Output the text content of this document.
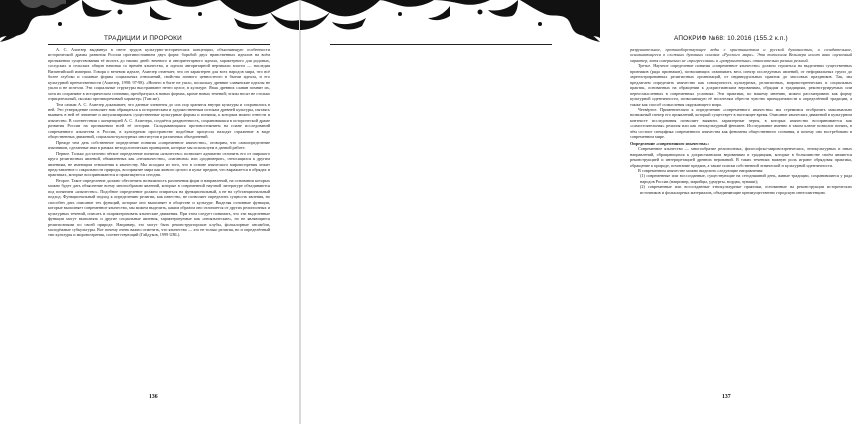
ТРАДИЦИИ И ПРОРОКИ

А. С. Ахиезер выдвинул в свете трудов культурно-исторических концепции, объясняющую особенности исторической драмы развития России противостоянием двух форм: борьбой двух нравственных идеалов на всём протяжении существования её вплоть до наших дней: вечевого и авторитетарного идеала, характерного для родовых, соседских и сельских общин начиная со времён язычества, и идеала авторитарной вертикали власти — наследия Византийской империи. Говоря о вечевом идеале, Ахиезер отмечает, что он характерен для всех народов мира, что всё более глубоко и сложные формы социальных отношений, свойства личного ценностного в бытии идеала, и его культурной преемственности (Ахиезер, 1998: 97-98). «Ничего в быте не ушло, поскольку древние славянские идеалы не ушли и не исчезли. Эти социальные структуры выстраивают нечто целое, в культуре. Язык древних славян помнит их, хотя их сохраняют в историческом сознании, преобразуясь в новых формах, кроме новых течений; этапы носят не столько отрицательный, сколько противоречивый характер» (Там же).

Тем самым А. С. Ахиезер доказывает, что данные элементы до сих пор хранятся внутри культуры и сохранились в ней. Это утверждение позволяет нам обращаться к историческим и художественным истокам древней культуры, пытаясь выявить в ней её значение и актуализировать существенные культурные формы и понятия, к которым можно отнести и язычество. В соответствии с концепцией А. С. Ахиезера, создаётся раздвоенность, сохранившаяся в исторической драме развития России на протяжении всей её истории. Складывающаяся противостоянием на плане исследований современного язычества в России, в культурном пространстве подобные процессы находят отражение в виде общественных движений, социально-культурных институтов и различных объединений.

Прежде чем дать собственное определение понятия «современное язычество», оговорим, что самоопределение язычников, сделанные ими в рамках методологических принципов, которые мы используем в данной работе.

Первое. Только достаточно чёткое определение понятия «язычество» позволяет адекватно отличить его от широкого круга религиозных явлений, объявленных как «неоязычество», «паганизм» или «родноверие», относящихся к другим явлениям, не имеющим отношения к язычеству. Мы исходим из того, что в основе языческого мировоззрения лежит представление о сакральности природы, восприятие мира как живого целого и культ предков, что выражается в обрядах и практиках, которые воспринимаются и практикуются сегодня.

Второе. Такое определение должно обеспечить возможность различения форм и направлений, на основании которых можно будет дать объяснение всему многообразию явлений, которые в современной научной литературе объединяются под понятием «язычество». Подобное определение должно опираться на функциональный, а не на субстанциональный подход. Функциональный подход к определению религии, как известно, не позволяет определить сущность явления, но способен дать описание тех функций, которые оно выполняет в обществе и культуре. Выделяя основные функции, которые выполняет современное язычество, мы можем выделить, каким образом оно отличается от других религиозных и культурных течений, описать и охарактеризовать языческие движения. При этом следует понимать, что эти выделенные функции могут выполнять и другие социальные явления, характеризуемые как «неоязыческие», но не являющиеся религиозными по своей природе. Например, это могут быть реконструкторские клубы, фольклорные ансамбли, молодёжные субкультуры. Вот почему очень важно отметить, что язычество — это не только религия, но и определённый тип культуры и мировоззрения, соответствующий (Гайдуков, 1999 URL).

136
АПОКРИФ №68: 10.2016 (155.2 к.п.)

разрушительное, противоборствующее веды с христианством и русской духовностью, и созидательное, основывающееся в сложных духовных основах «Русского мира». Эта типология Вельмера носит явно оценочный характер, хотя совершенно не «прогрессивна» и «разрушительна» относительно разных религий.

Третье. Научное определение понятия «современное язычество» должно строиться на выделении существенных признаков (ряда признаков), позволяющих охватывать весь спектр исследуемых явлений, от неформальных групп до зарегистрированных религиозных организаций, от индивидуальных практик до массовых праздников. Так, мы предлагаем определить язычество как совокупность культурных, религиозных, мировоззренческих и социальных практик, основанных на обращении к дохристианским верованиям, обрядам и традициям, реконструируемых или переосмысленных в современных условиях. Эти практики, по нашему мнению, можно рассматривать как форму культурной идентичности, позволяющую её носителям обрести чувство принадлежности к определённой традиции, а также как способ осмысления окружающего мира.

Четвёртое. Применительно к определению «современного язычества» мы стремимся отобразить максимально возможный спектр его проявлений, который существует в настоящее время. Описание языческих движений в культурном контексте исследования позволяет выявить характерные черты, в которых язычество воспринимается как «самостоятельная» религия или как этнокультурный феномен. Исследование именно в таком ключе позволит понять, в чём состоит специфика современного язычества как феномена общественного сознания, и почему оно востребовано в современном мире.

Определение «современного язычества»:

Современное язычество — многообразие религиозных, философско-мировоззренческих, этнокультурных и иных направлений, обращающихся к дохристианским верованиям и традициям, которые в большинстве своём являются реконструкцией и интерпретацией древних верований. В таких течениях важную роль играют обрядовая практика, обращение к природе, почитание предков, а также поиски собственной этнической и культурной идентичности.

В современном язычестве можно выделить следующие направления:

(1) современные или воссозданные, существующие на сегодняшний день, живые традиции, сохранившиеся у ряда народов России (например, марийцы, удмурты, мордва, чуваши);

(2) современные или воссозданные этнокультурные практики, основанные на реконструкции исторических источников и фольклорных материалов, объединяющие преимущественно городскую интеллигенцию.

137
